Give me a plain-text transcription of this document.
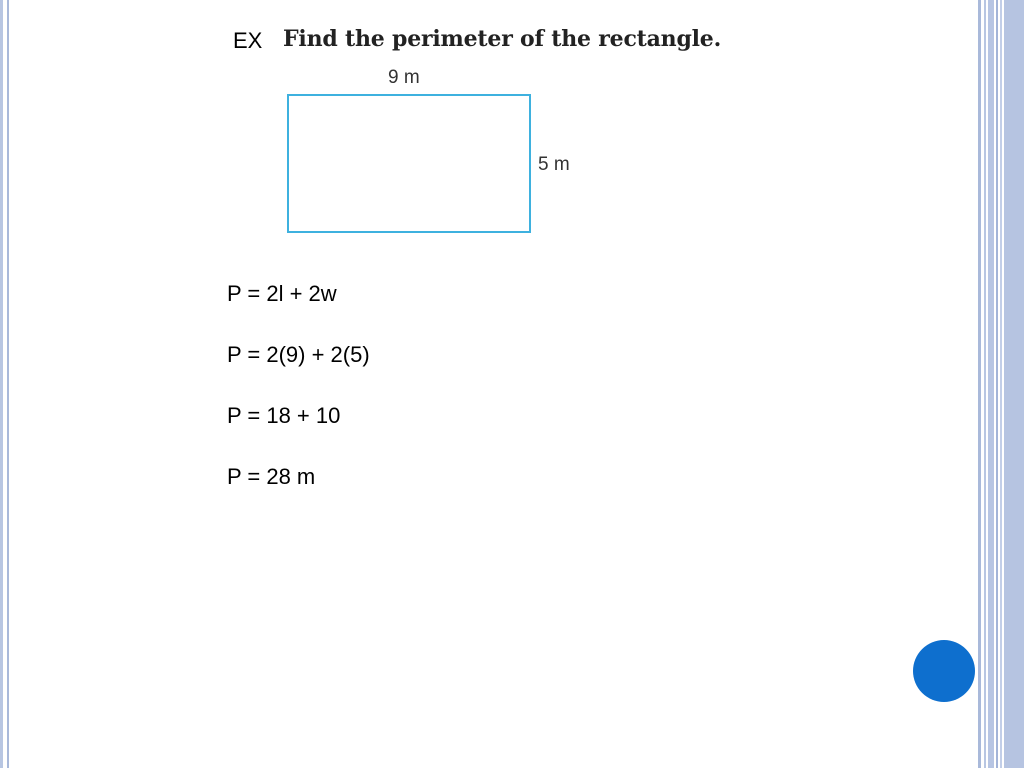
EX Find the perimeter of the rectangle.
9 m
5 m
P = 2l + 2w
P = 2(9) + 2(5)
P = 18 + 10
P = 28 m
